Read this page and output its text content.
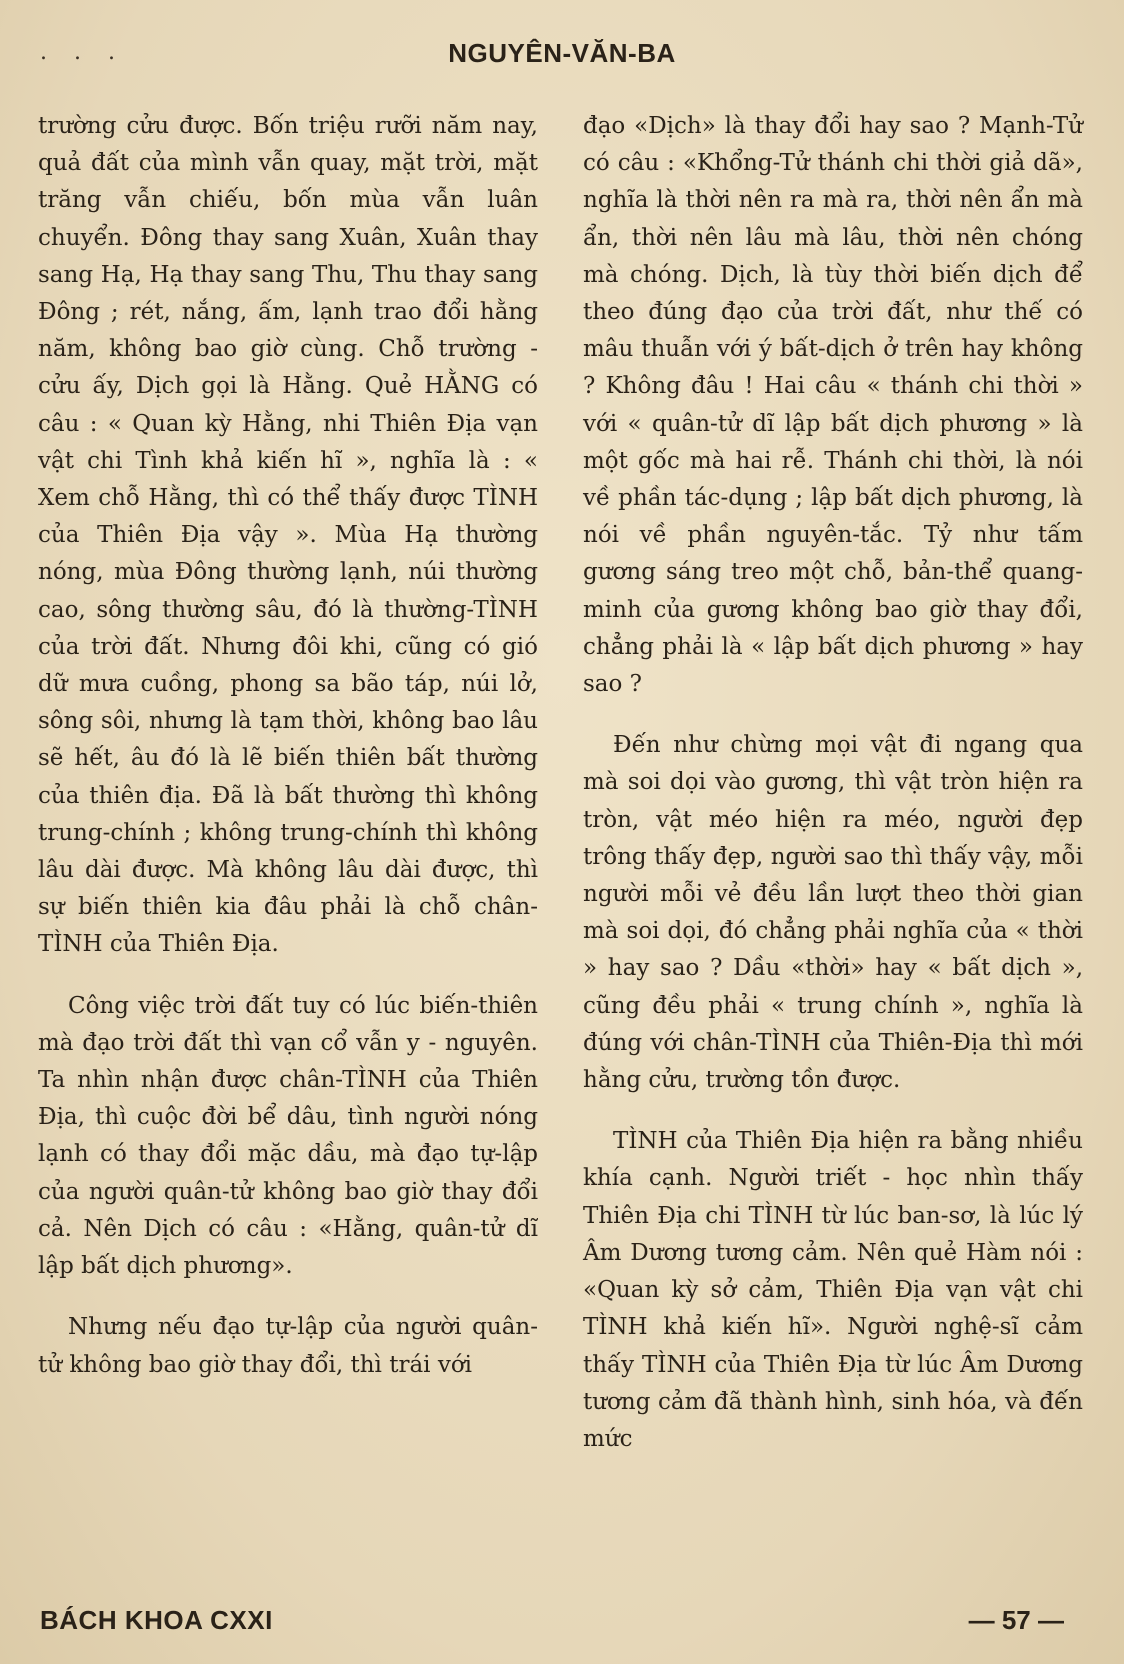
. . .	NGUYÊN-VĂN-BA

trường cửu được. Bốn triệu rưỡi năm nay, quả đất của mình vẫn quay, mặt trời, mặt trăng vẫn chiếu, bốn mùa vẫn luân chuyển. Đông thay sang Xuân, Xuân thay sang Hạ, Hạ thay sang Thu, Thu thay sang Đông ; rét, nắng, ấm, lạnh trao đổi hằng năm, không bao giờ cùng. Chỗ trường - cửu ấy, Dịch gọi là Hằng. Quẻ HẰNG có câu : « Quan kỳ Hằng, nhi Thiên Địa vạn vật chi Tình khả kiến hĩ », nghĩa là : « Xem chỗ Hằng, thì có thể thấy được TÌNH của Thiên Địa vậy ». Mùa Hạ thường nóng, mùa Đông thường lạnh, núi thường cao, sông thường sâu, đó là thường-TÌNH của trời đất. Nhưng đôi khi, cũng có gió dữ mưa cuồng, phong sa bão táp, núi lở, sông sôi, nhưng là tạm thời, không bao lâu sẽ hết, âu đó là lẽ biến thiên bất thường của thiên địa. Đã là bất thường thì không trung-chính ; không trung-chính thì không lâu dài được. Mà không lâu dài được, thì sự biến thiên kia đâu phải là chỗ chân-TÌNH của Thiên Địa.

Công việc trời đất tuy có lúc biến-thiên mà đạo trời đất thì vạn cổ vẫn y - nguyên. Ta nhìn nhận được chân-TÌNH của Thiên Địa, thì cuộc đời bể dâu, tình người nóng lạnh có thay đổi mặc dầu, mà đạo tự-lập của người quân-tử không bao giờ thay đổi cả. Nên Dịch có câu : «Hằng, quân-tử dĩ lập bất dịch phương».

Nhưng nếu đạo tự-lập của người quân-tử không bao giờ thay đổi, thì trái với

đạo «Dịch» là thay đổi hay sao ? Mạnh-Tử có câu : «Khổng-Tử thánh chi thời giả dã», nghĩa là thời nên ra mà ra, thời nên ẩn mà ẩn, thời nên lâu mà lâu, thời nên chóng mà chóng. Dịch, là tùy thời biến dịch để theo đúng đạo của trời đất, như thế có mâu thuẫn với ý bất-dịch ở trên hay không ? Không đâu ! Hai câu « thánh chi thời » với « quân-tử dĩ lập bất dịch phương » là một gốc mà hai rễ. Thánh chi thời, là nói về phần tác-dụng ; lập bất dịch phương, là nói về phần nguyên-tắc. Tỷ như tấm gương sáng treo một chỗ, bản-thể quang-minh của gương không bao giờ thay đổi, chẳng phải là « lập bất dịch phương » hay sao ?

Đến như chừng mọi vật đi ngang qua mà soi dọi vào gương, thì vật tròn hiện ra tròn, vật méo hiện ra méo, người đẹp trông thấy đẹp, người sao thì thấy vậy, mỗi người mỗi vẻ đều lần lượt theo thời gian mà soi dọi, đó chẳng phải nghĩa của « thời » hay sao ? Dầu «thời» hay « bất dịch », cũng đều phải « trung chính », nghĩa là đúng với chân-TÌNH của Thiên-Địa thì mới hằng cửu, trường tồn được.

TÌNH của Thiên Địa hiện ra bằng nhiều khía cạnh. Người triết - học nhìn thấy Thiên Địa chi TÌNH từ lúc ban-sơ, là lúc lý Âm Dương tương cảm. Nên quẻ Hàm nói : «Quan kỳ sở cảm, Thiên Địa vạn vật chi TÌNH khả kiến hĩ». Người nghệ-sĩ cảm thấy TÌNH của Thiên Địa từ lúc Âm Dương tương cảm đã thành hình, sinh hóa, và đến mức

BÁCH KHOA CXXI	— 57 —
